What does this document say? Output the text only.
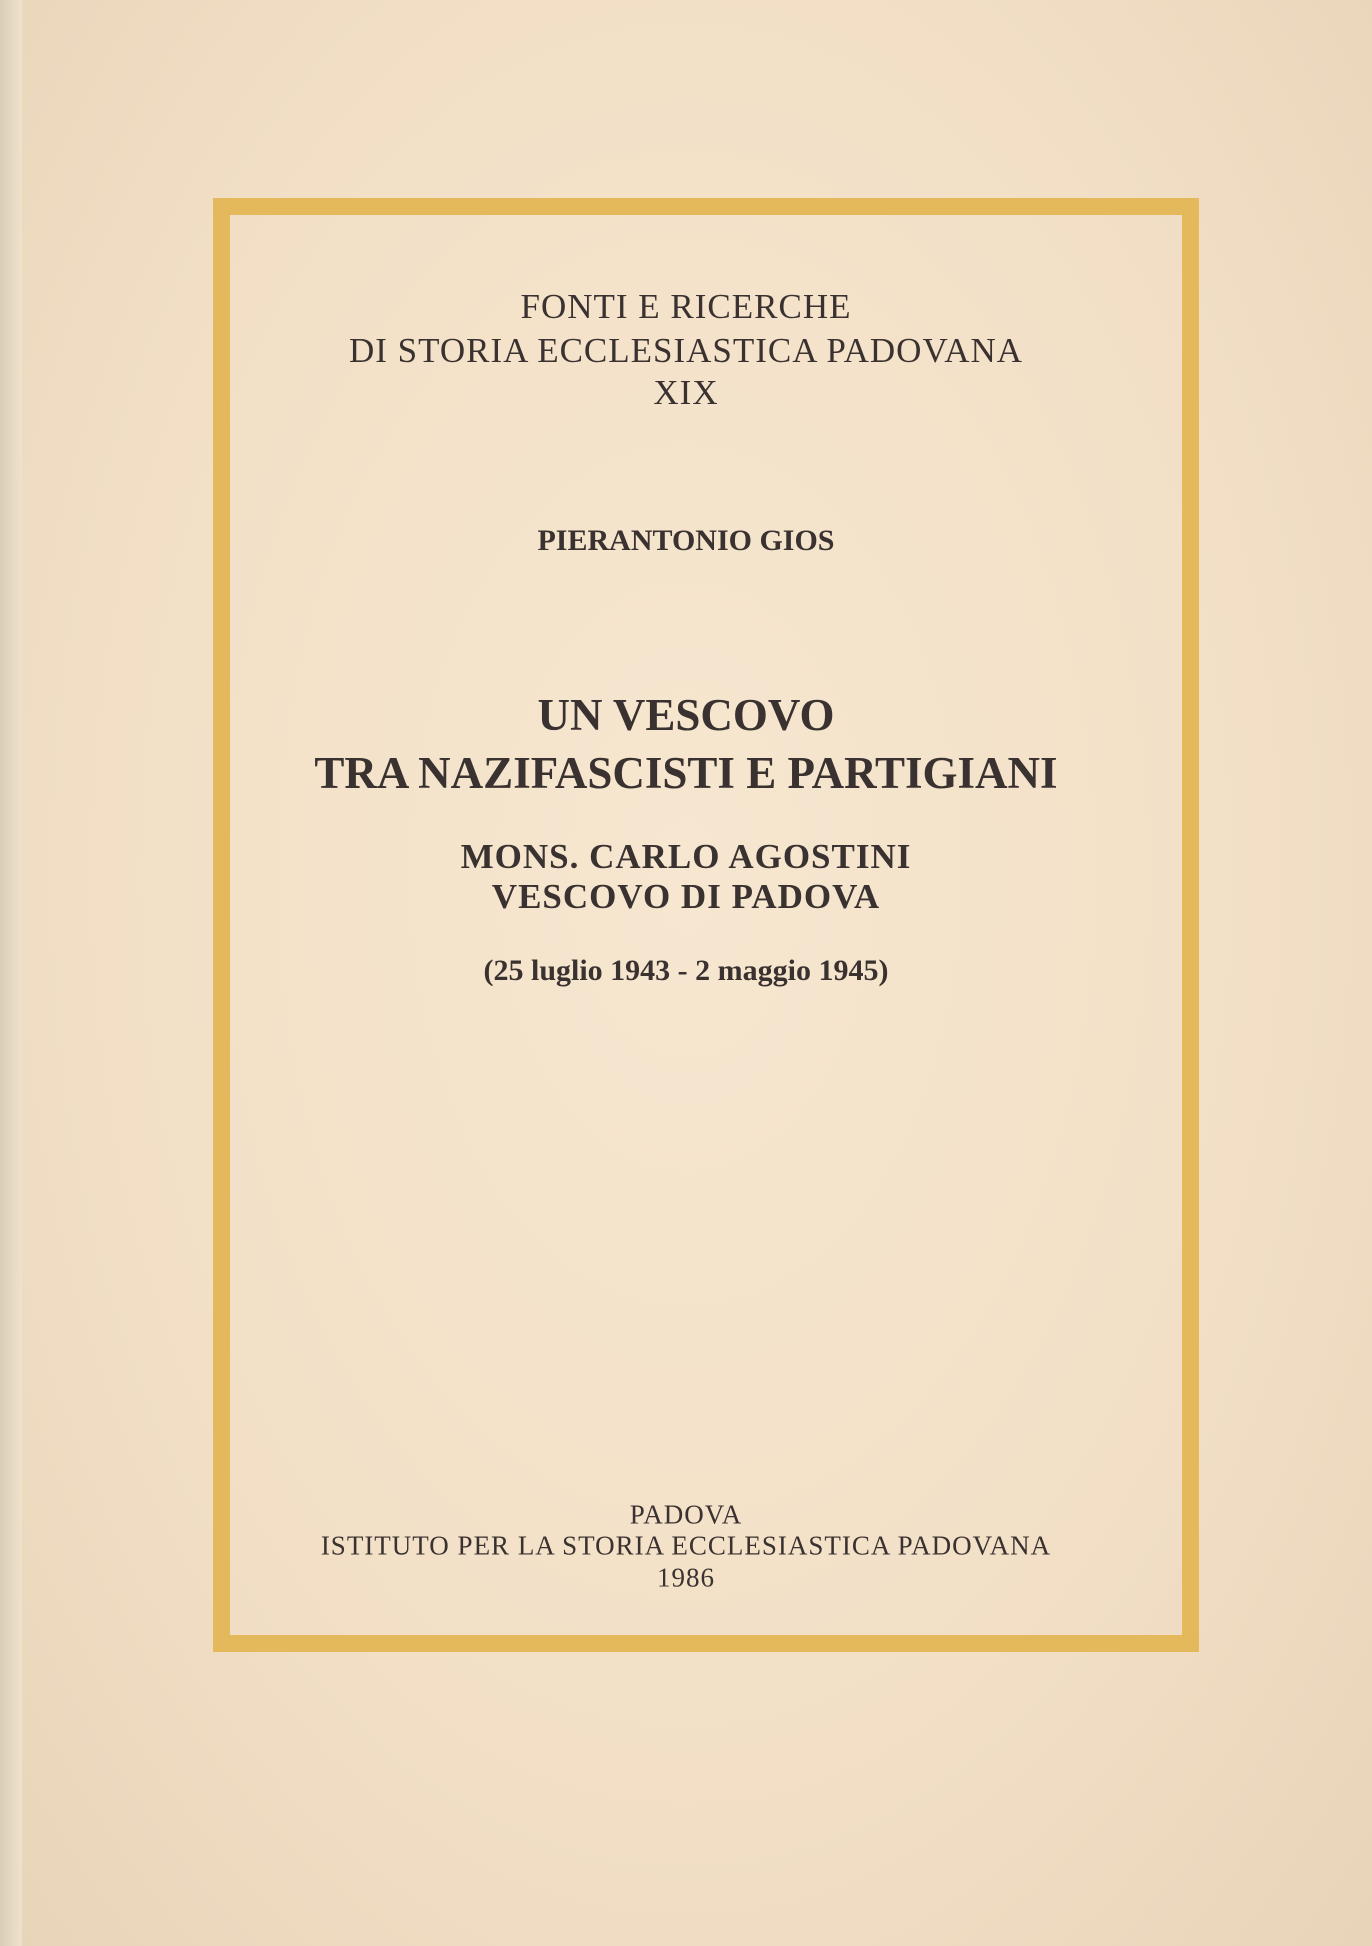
FONTI E RICERCHE
DI STORIA ECCLESIASTICA PADOVANA
XIX
PIERANTONIO GIOS
UN VESCOVO
TRA NAZIFASCISTI E PARTIGIANI
MONS. CARLO AGOSTINI
VESCOVO DI PADOVA
(25 luglio 1943 - 2 maggio 1945)
PADOVA
ISTITUTO PER LA STORIA ECCLESIASTICA PADOVANA
1986
